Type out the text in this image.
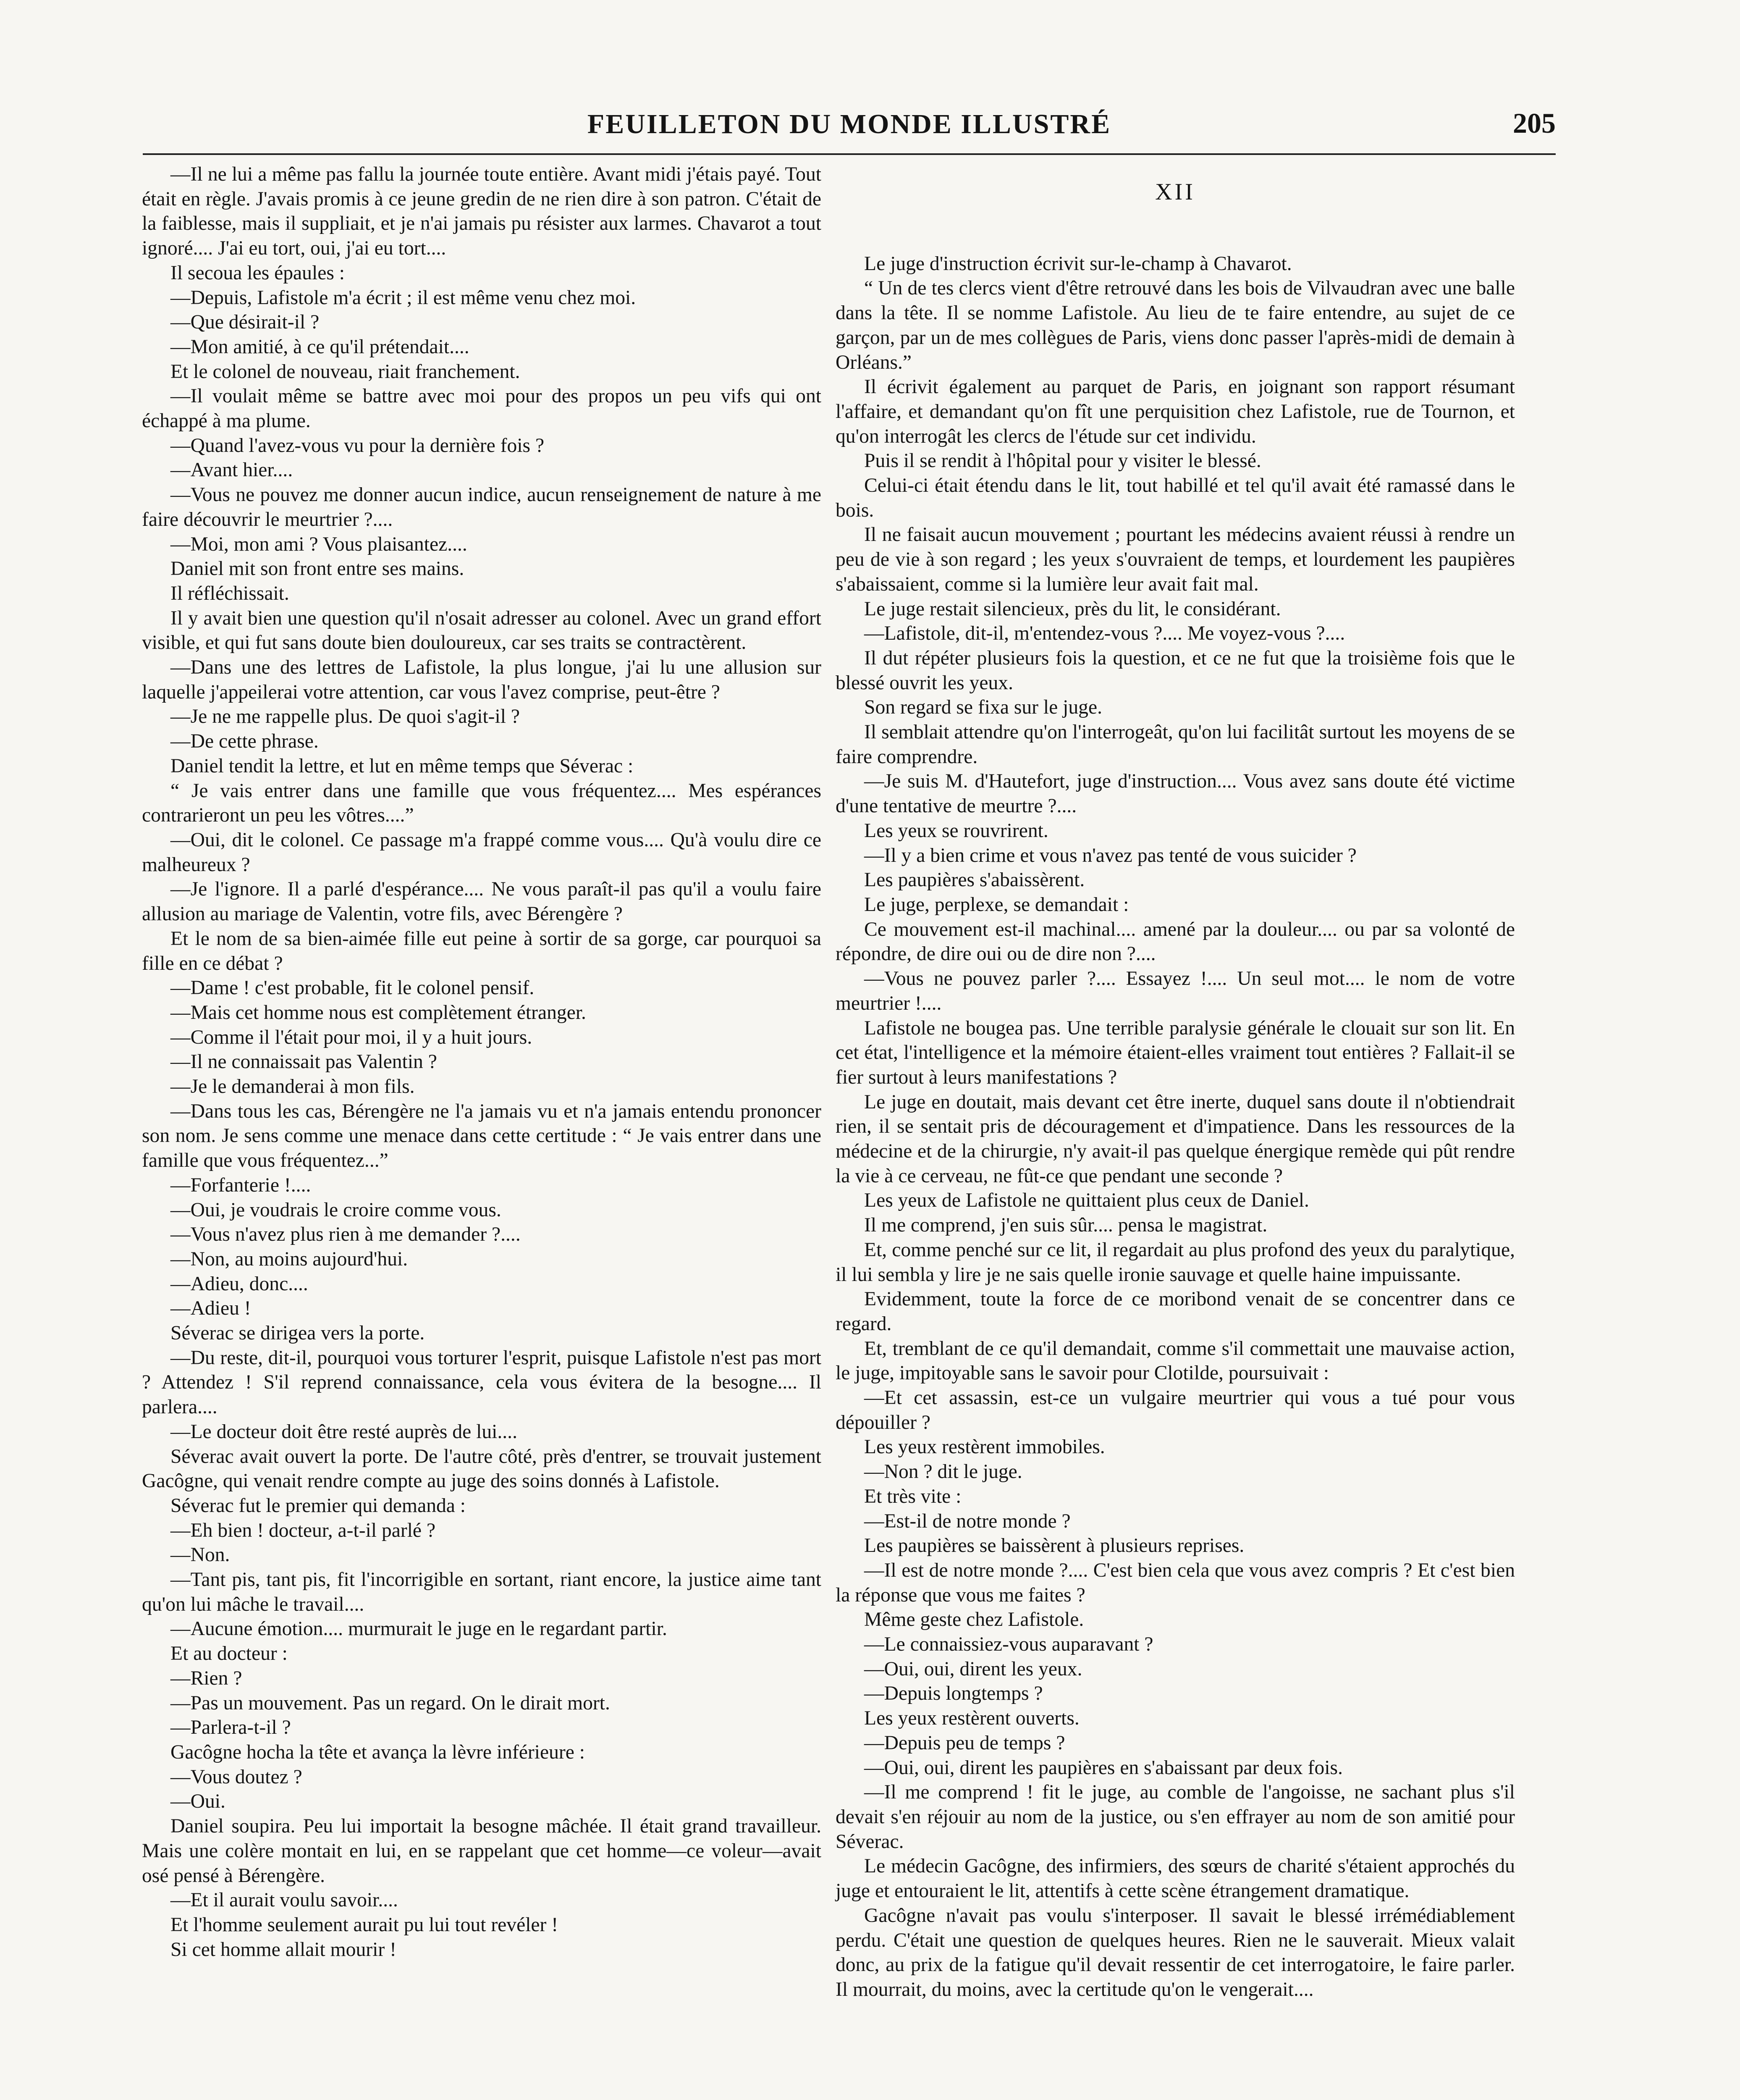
FEUILLETON DU MONDE ILLUSTRÉ	205

—Il ne lui a même pas fallu la journée toute entière. Avant midi j'étais payé. Tout était en règle. J'avais promis à ce jeune gredin de ne rien dire à son patron. C'était de la faiblesse, mais il suppliait, et je n'ai jamais pu résister aux larmes. Chavarot a tout ignoré.... J'ai eu tort, oui, j'ai eu tort....

Il secoua les épaules :

—Depuis, Lafistole m'a écrit ; il est même venu chez moi.

—Que désirait-il ?

—Mon amitié, à ce qu'il prétendait....

Et le colonel de nouveau, riait franchement.

—Il voulait même se battre avec moi pour des propos un peu vifs qui ont échappé à ma plume.

—Quand l'avez-vous vu pour la dernière fois ?

—Avant hier....

—Vous ne pouvez me donner aucun indice, aucun renseignement de nature à me faire découvrir le meurtrier ?....

—Moi, mon ami ? Vous plaisantez....

Daniel mit son front entre ses mains.

Il réfléchissait.

Il y avait bien une question qu'il n'osait adresser au colonel. Avec un grand effort visible, et qui fut sans doute bien douloureux, car ses traits se contractèrent.

—Dans une des lettres de Lafistole, la plus longue, j'ai lu une allusion sur laquelle j'appeilerai votre attention, car vous l'avez comprise, peut-être ?

—Je ne me rappelle plus. De quoi s'agit-il ?

—De cette phrase.

Daniel tendit la lettre, et lut en même temps que Séverac :

“ Je vais entrer dans une famille que vous fréquentez.... Mes espérances contrarieront un peu les vôtres....”

—Oui, dit le colonel. Ce passage m'a frappé comme vous.... Qu'à voulu dire ce malheureux ?

—Je l'ignore. Il a parlé d'espérance.... Ne vous paraît-il pas qu'il a voulu faire allusion au mariage de Valentin, votre fils, avec Bérengère ?

Et le nom de sa bien-aimée fille eut peine à sortir de sa gorge, car pourquoi sa fille en ce débat ?

—Dame ! c'est probable, fit le colonel pensif.

—Mais cet homme nous est complètement étranger.

—Comme il l'était pour moi, il y a huit jours.

—Il ne connaissait pas Valentin ?

—Je le demanderai à mon fils.

—Dans tous les cas, Bérengère ne l'a jamais vu et n'a jamais entendu prononcer son nom. Je sens comme une menace dans cette certitude : “ Je vais entrer dans une famille que vous fréquentez...”

—Forfanterie !....

—Oui, je voudrais le croire comme vous.

—Vous n'avez plus rien à me demander ?....

—Non, au moins aujourd'hui.

—Adieu, donc....

—Adieu !

Séverac se dirigea vers la porte.

—Du reste, dit-il, pourquoi vous torturer l'esprit, puisque Lafistole n'est pas mort ? Attendez ! S'il reprend connaissance, cela vous évitera de la besogne.... Il parlera....

—Le docteur doit être resté auprès de lui....

Séverac avait ouvert la porte. De l'autre côté, près d'entrer, se trouvait justement Gacôgne, qui venait rendre compte au juge des soins donnés à Lafistole.

Séverac fut le premier qui demanda :

—Eh bien ! docteur, a-t-il parlé ?

—Non.

—Tant pis, tant pis, fit l'incorrigible en sortant, riant encore, la justice aime tant qu'on lui mâche le travail....

—Aucune émotion.... murmurait le juge en le regardant partir.

Et au docteur :

—Rien ?

—Pas un mouvement. Pas un regard. On le dirait mort.

—Parlera-t-il ?

Gacôgne hocha la tête et avança la lèvre inférieure :

—Vous doutez ?

—Oui.

Daniel soupira. Peu lui importait la besogne mâchée. Il était grand travailleur. Mais une colère montait en lui, en se rappelant que cet homme—ce voleur—avait osé pensé à Bérengère.

—Et il aurait voulu savoir....

Et l'homme seulement aurait pu lui tout revéler !

Si cet homme allait mourir !

XII

Le juge d'instruction écrivit sur-le-champ à Chavarot.

“ Un de tes clercs vient d'être retrouvé dans les bois de Vilvaudran avec une balle dans la tête. Il se nomme Lafistole. Au lieu de te faire entendre, au sujet de ce garçon, par un de mes collègues de Paris, viens donc passer l'après-midi de demain à Orléans.”

Il écrivit également au parquet de Paris, en joignant son rapport résumant l'affaire, et demandant qu'on fît une perquisition chez Lafistole, rue de Tournon, et qu'on interrogât les clercs de l'étude sur cet individu.

Puis il se rendit à l'hôpital pour y visiter le blessé.

Celui-ci était étendu dans le lit, tout habillé et tel qu'il avait été ramassé dans le bois.

Il ne faisait aucun mouvement ; pourtant les médecins avaient réussi à rendre un peu de vie à son regard ; les yeux s'ouvraient de temps, et lourdement les paupières s'abaissaient, comme si la lumière leur avait fait mal.

Le juge restait silencieux, près du lit, le considérant.

—Lafistole, dit-il, m'entendez-vous ?.... Me voyez-vous ?....

Il dut répéter plusieurs fois la question, et ce ne fut que la troisième fois que le blessé ouvrit les yeux.

Son regard se fixa sur le juge.

Il semblait attendre qu'on l'interrogeât, qu'on lui facilitât surtout les moyens de se faire comprendre.

—Je suis M. d'Hautefort, juge d'instruction.... Vous avez sans doute été victime d'une tentative de meurtre ?....

Les yeux se rouvrirent.

—Il y a bien crime et vous n'avez pas tenté de vous suicider ?

Les paupières s'abaissèrent.

Le juge, perplexe, se demandait :

Ce mouvement est-il machinal.... amené par la douleur.... ou par sa volonté de répondre, de dire oui ou de dire non ?....

—Vous ne pouvez parler ?.... Essayez !.... Un seul mot.... le nom de votre meurtrier !....

Lafistole ne bougea pas. Une terrible paralysie générale le clouait sur son lit. En cet état, l'intelligence et la mémoire étaient-elles vraiment tout entières ? Fallait-il se fier surtout à leurs manifestations ?

Le juge en doutait, mais devant cet être inerte, duquel sans doute il n'obtiendrait rien, il se sentait pris de découragement et d'impatience. Dans les ressources de la médecine et de la chirurgie, n'y avait-il pas quelque énergique remède qui pût rendre la vie à ce cerveau, ne fût-ce que pendant une seconde ?

Les yeux de Lafistole ne quittaient plus ceux de Daniel.

Il me comprend, j'en suis sûr.... pensa le magistrat.

Et, comme penché sur ce lit, il regardait au plus profond des yeux du paralytique, il lui sembla y lire je ne sais quelle ironie sauvage et quelle haine impuissante.

Evidemment, toute la force de ce moribond venait de se concentrer dans ce regard.

Et, tremblant de ce qu'il demandait, comme s'il commettait une mauvaise action, le juge, impitoyable sans le savoir pour Clotilde, poursuivait :

—Et cet assassin, est-ce un vulgaire meurtrier qui vous a tué pour vous dépouiller ?

Les yeux restèrent immobiles.

—Non ? dit le juge.

Et très vite :

—Est-il de notre monde ?

Les paupières se baissèrent à plusieurs reprises.

—Il est de notre monde ?.... C'est bien cela que vous avez compris ? Et c'est bien la réponse que vous me faites ?

Même geste chez Lafistole.

—Le connaissiez-vous auparavant ?

—Oui, oui, dirent les yeux.

—Depuis longtemps ?

Les yeux restèrent ouverts.

—Depuis peu de temps ?

—Oui, oui, dirent les paupières en s'abaissant par deux fois.

—Il me comprend ! fit le juge, au comble de l'angoisse, ne sachant plus s'il devait s'en réjouir au nom de la justice, ou s'en effrayer au nom de son amitié pour Séverac.

Le médecin Gacôgne, des infirmiers, des sœurs de charité s'étaient approchés du juge et entouraient le lit, attentifs à cette scène étrangement dramatique.

Gacôgne n'avait pas voulu s'interposer. Il savait le blessé irrémédiablement perdu. C'était une question de quelques heures. Rien ne le sauverait. Mieux valait donc, au prix de la fatigue qu'il devait ressentir de cet interrogatoire, le faire parler. Il mourrait, du moins, avec la certitude qu'on le vengerait....
